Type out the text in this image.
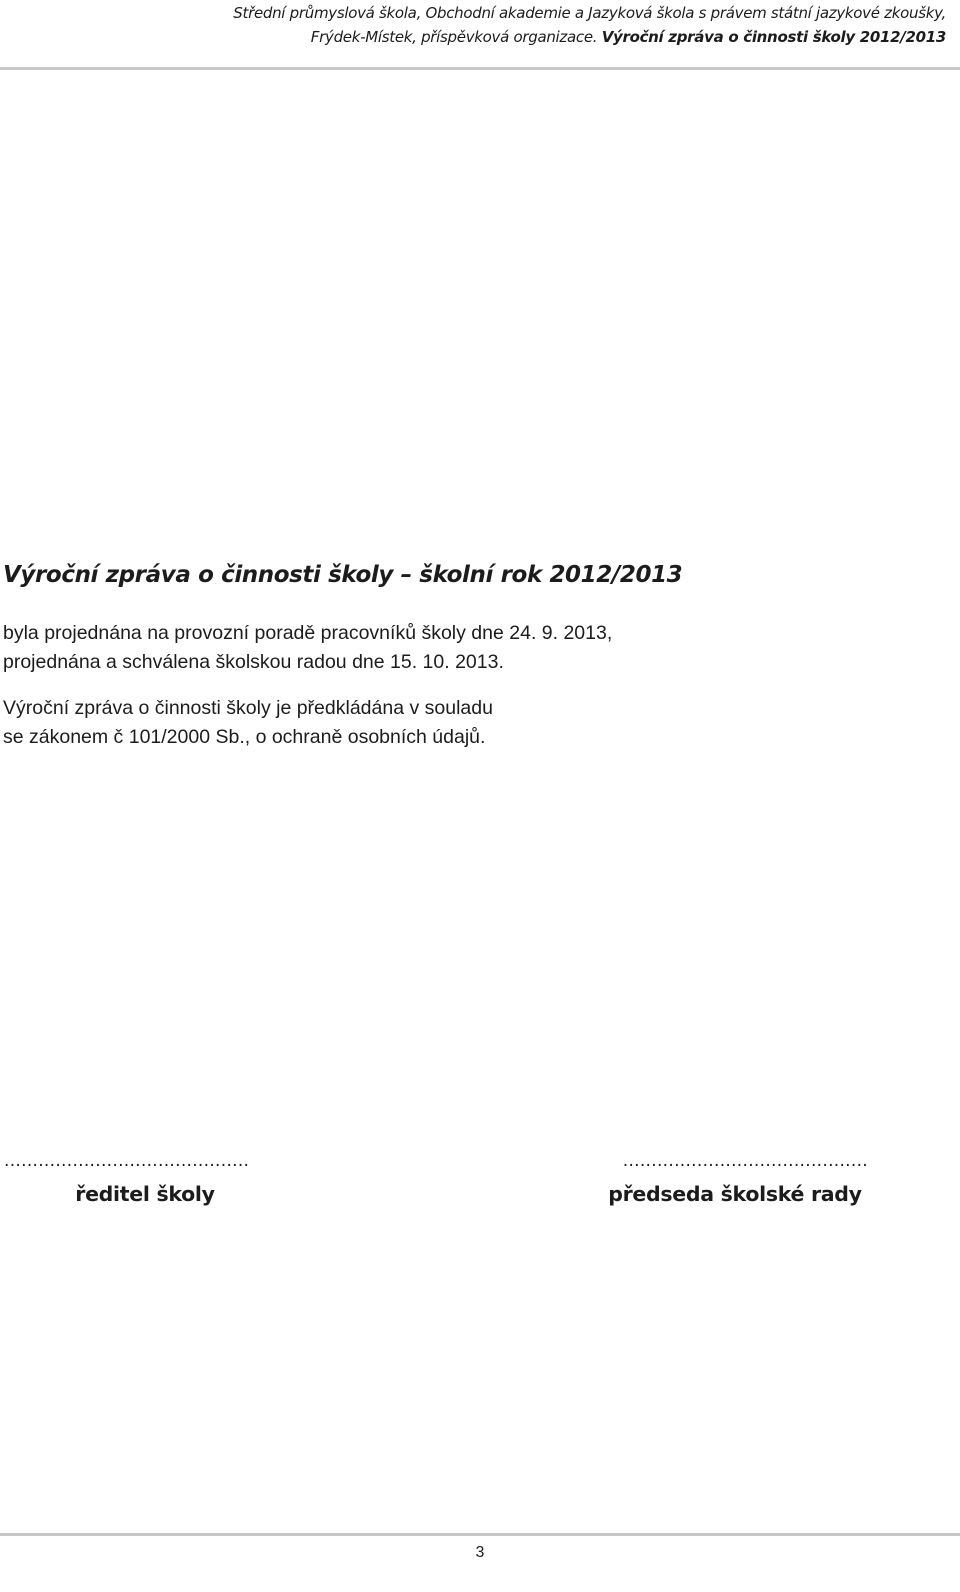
Střední průmyslová škola, Obchodní akademie a Jazyková škola s právem státní jazykové zkoušky,
Frýdek-Místek, příspěvková organizace. Výroční zpráva o činnosti školy 2012/2013
Výroční zpráva o činnosti školy – školní rok 2012/2013
byla projednána na provozní poradě pracovníků školy dne 24. 9. 2013,
projednána a schválena školskou radou dne 15. 10. 2013.
Výroční zpráva o činnosti školy je předkládána v souladu
se zákonem č 101/2000 Sb., o ochraně osobních údajů.
...........................................
ředitel školy
...........................................
předseda školské rady
3
